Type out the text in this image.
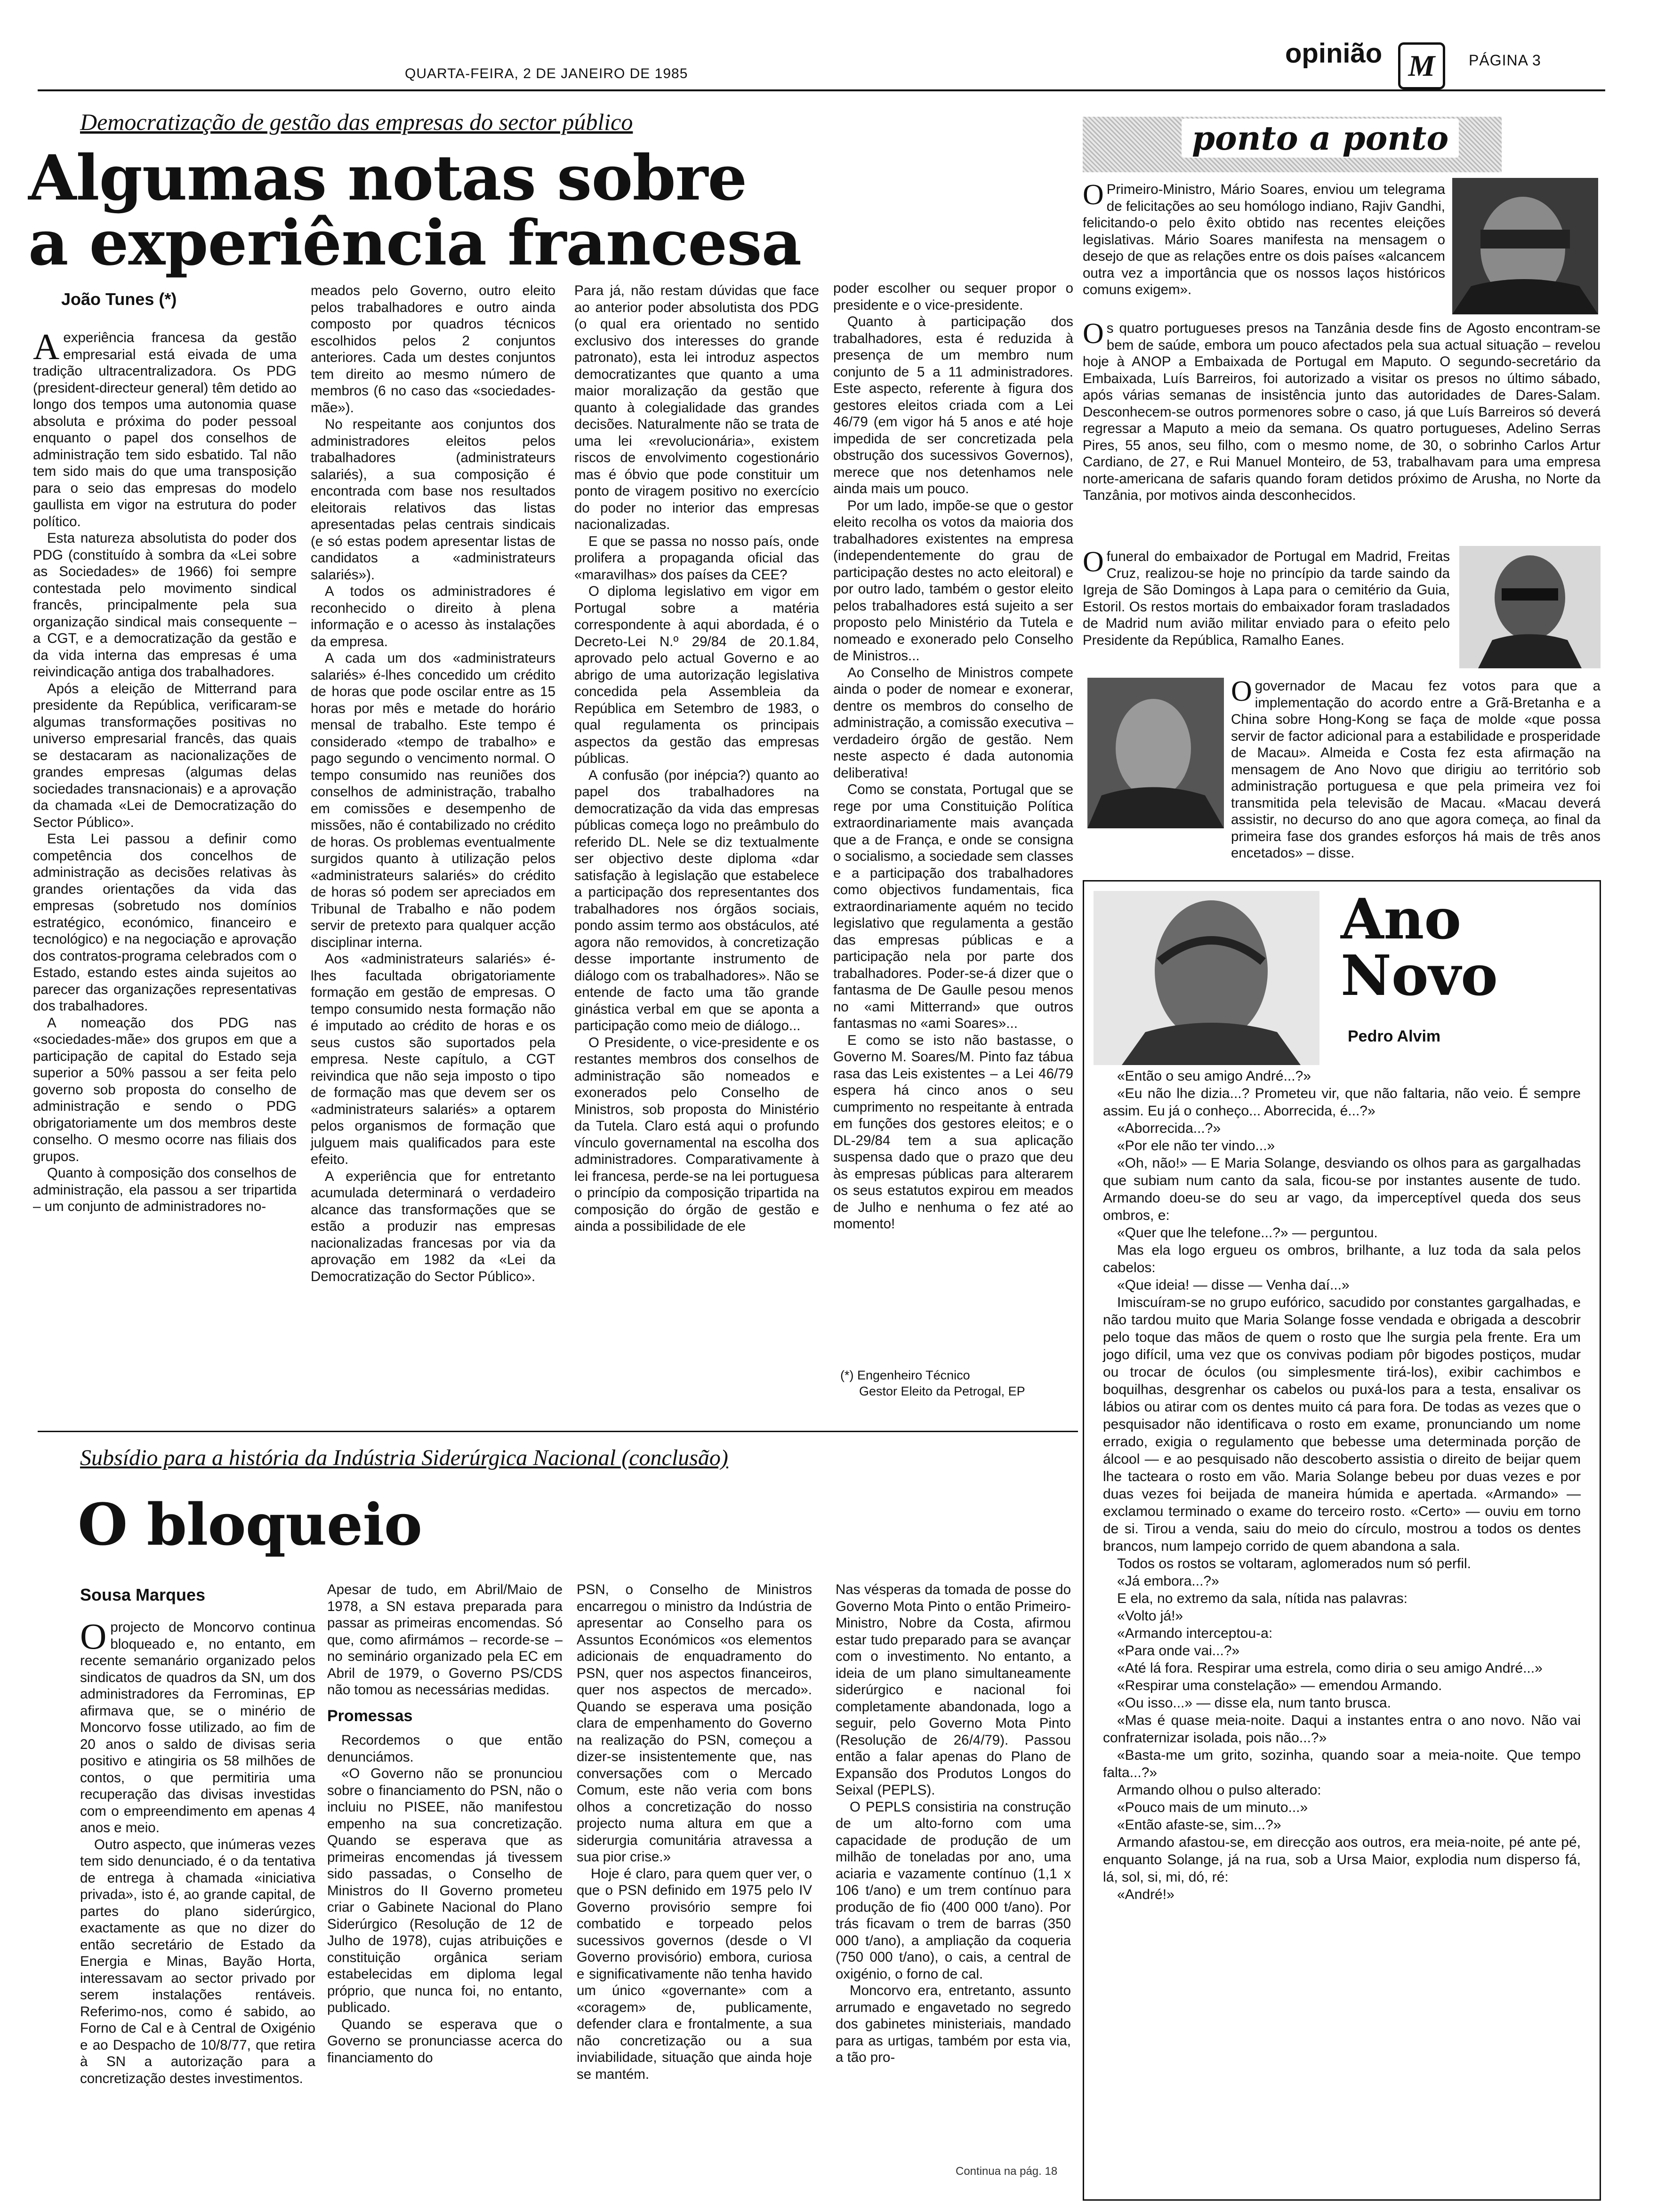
QUARTA-FEIRA, 2 DE JANEIRO DE 1985
opinião M PÁGINA 3
Democratização de gestão das empresas do sector público
Algumas notas sobre
a experiência francesa
João Tunes (*)

A experiência francesa da gestão empresarial está eivada de uma tradição ultracentralizadora. Os PDG (president-directeur general) têm detido ao longo dos tempos uma autonomia quase absoluta e próxima do poder pessoal enquanto o papel dos conselhos de administração tem sido esbatido. Tal não tem sido mais do que uma transposição para o seio das empresas do modelo gaullista em vigor na estrutura do poder político.

Esta natureza absolutista do poder dos PDG (constituído à sombra da «Lei sobre as Sociedades» de 1966) foi sempre contestada pelo movimento sindical francês, principalmente pela sua organização sindical mais consequente – a CGT, e a democratização da gestão e da vida interna das empresas é uma reivindicação antiga dos trabalhadores.

Após a eleição de Mitterrand para presidente da República, verificaram-se algumas transformações positivas no universo empresarial francês, das quais se destacaram as nacionalizações de grandes empresas (algumas delas sociedades transnacionais) e a aprovação da chamada «Lei de Democratização do Sector Público».

Esta Lei passou a definir como competência dos concelhos de administração as decisões relativas às grandes orientações da vida das empresas (sobretudo nos domínios estratégico, económico, financeiro e tecnológico) e na negociação e aprovação dos contratos-programa celebrados com o Estado, estando estes ainda sujeitos ao parecer das organizações representativas dos trabalhadores.

A nomeação dos PDG nas «sociedades-mãe» dos grupos em que a participação de capital do Estado seja superior a 50% passou a ser feita pelo governo sob proposta do conselho de administração e sendo o PDG obrigatoriamente um dos membros deste conselho. O mesmo ocorre nas filiais dos grupos.

Quanto à composição dos conselhos de administração, ela passou a ser tripartida – um conjunto de administradores no-

meados pelo Governo, outro eleito pelos trabalhadores e outro ainda composto por quadros técnicos escolhidos pelos 2 conjuntos anteriores. Cada um destes conjuntos tem direito ao mesmo número de membros (6 no caso das «sociedades-mãe»).

No respeitante aos conjuntos dos administradores eleitos pelos trabalhadores (administrateurs salariés), a sua composição é encontrada com base nos resultados eleitorais relativos das listas apresentadas pelas centrais sindicais (e só estas podem apresentar listas de candidatos a «administrateurs salariés»).

A todos os administradores é reconhecido o direito à plena informação e o acesso às instalações da empresa.

A cada um dos «administrateurs salariés» é-lhes concedido um crédito de horas que pode oscilar entre as 15 horas por mês e metade do horário mensal de trabalho. Este tempo é considerado «tempo de trabalho» e pago segundo o vencimento normal. O tempo consumido nas reuniões dos conselhos de administração, trabalho em comissões e desempenho de missões, não é contabilizado no crédito de horas. Os problemas eventualmente surgidos quanto à utilização pelos «administrateurs salariés» do crédito de horas só podem ser apreciados em Tribunal de Trabalho e não podem servir de pretexto para qualquer acção disciplinar interna.

Aos «administrateurs salariés» é-lhes facultada obrigatoriamente formação em gestão de empresas. O tempo consumido nesta formação não é imputado ao crédito de horas e os seus custos são suportados pela empresa. Neste capítulo, a CGT reivindica que não seja imposto o tipo de formação mas que devem ser os «administrateurs salariés» a optarem pelos organismos de formação que julguem mais qualificados para este efeito.

A experiência que for entretanto acumulada determinará o verdadeiro alcance das transformações que se estão a produzir nas empresas nacionalizadas francesas por via da aprovação em 1982 da «Lei da Democratização do Sector Público».

Para já, não restam dúvidas que face ao anterior poder absolutista dos PDG (o qual era orientado no sentido exclusivo dos interesses do grande patronato), esta lei introduz aspectos democratizantes que quanto a uma maior moralização da gestão que quanto à colegialidade das grandes decisões. Naturalmente não se trata de uma lei «revolucionária», existem riscos de envolvimento cogestionário mas é óbvio que pode constituir um ponto de viragem positivo no exercício do poder no interior das empresas nacionalizadas.

E que se passa no nosso país, onde prolifera a propaganda oficial das «maravilhas» dos países da CEE?

O diploma legislativo em vigor em Portugal sobre a matéria correspondente à aqui abordada, é o Decreto-Lei N.º 29/84 de 20.1.84, aprovado pelo actual Governo e ao abrigo de uma autorização legislativa concedida pela Assembleia da República em Setembro de 1983, o qual regulamenta os principais aspectos da gestão das empresas públicas.

A confusão (por inépcia?) quanto ao papel dos trabalhadores na democratização da vida das empresas públicas começa logo no preâmbulo do referido DL. Nele se diz textualmente ser objectivo deste diploma «dar satisfação à legislação que estabelece a participação dos representantes dos trabalhadores nos órgãos sociais, pondo assim termo aos obstáculos, até agora não removidos, à concretização desse importante instrumento de diálogo com os trabalhadores». Não se entende de facto uma tão grande ginástica verbal em que se aponta a participação como meio de diálogo...

O Presidente, o vice-presidente e os restantes membros dos conselhos de administração são nomeados e exonerados pelo Conselho de Ministros, sob proposta do Ministério da Tutela. Claro está aqui o profundo vínculo governamental na escolha dos administradores. Comparativamente à lei francesa, perde-se na lei portuguesa o princípio da composição tripartida na composição do órgão de gestão e ainda a possibilidade de ele

poder escolher ou sequer propor o presidente e o vice-presidente.

Quanto à participação dos trabalhadores, esta é reduzida à presença de um membro num conjunto de 5 a 11 administradores. Este aspecto, referente à figura dos gestores eleitos criada com a Lei 46/79 (em vigor há 5 anos e até hoje impedida de ser concretizada pela obstrução dos sucessivos Governos), merece que nos detenhamos nele ainda mais um pouco.

Por um lado, impõe-se que o gestor eleito recolha os votos da maioria dos trabalhadores existentes na empresa (independentemente do grau de participação destes no acto eleitoral) e por outro lado, também o gestor eleito pelos trabalhadores está sujeito a ser proposto pelo Ministério da Tutela e nomeado e exonerado pelo Conselho de Ministros...

Ao Conselho de Ministros compete ainda o poder de nomear e exonerar, dentre os membros do conselho de administração, a comissão executiva – verdadeiro órgão de gestão. Nem neste aspecto é dada autonomia deliberativa!

Como se constata, Portugal que se rege por uma Constituição Política extraordinariamente mais avançada que a de França, e onde se consigna o socialismo, a sociedade sem classes e a participação dos trabalhadores como objectivos fundamentais, fica extraordinariamente aquém no tecido legislativo que regulamenta a gestão das empresas públicas e a participação nela por parte dos trabalhadores. Poder-se-á dizer que o fantasma de De Gaulle pesou menos no «ami Mitterrand» que outros fantasmas no «ami Soares»...

E como se isto não bastasse, o Governo M. Soares/M. Pinto faz tábua rasa das Leis existentes – a Lei 46/79 espera há cinco anos o seu cumprimento no respeitante à entrada em funções dos gestores eleitos; e o DL-29/84 tem a sua aplicação suspensa dado que o prazo que deu às empresas públicas para alterarem os seus estatutos expirou em meados de Julho e nenhuma o fez até ao momento!

(*) Engenheiro Técnico
Gestor Eleito da Petrogal, EP
Subsídio para a história da Indústria Siderúrgica Nacional (conclusão)
O bloqueio
Sousa Marques

O projecto de Moncorvo continua bloqueado e, no entanto, em recente semanário organizado pelos sindicatos de quadros da SN, um dos administradores da Ferrominas, EP afirmava que, se o minério de Moncorvo fosse utilizado, ao fim de 20 anos o saldo de divisas seria positivo e atingiria os 58 milhões de contos, o que permitiria uma recuperação das divisas investidas com o empreendimento em apenas 4 anos e meio.

Outro aspecto, que inúmeras vezes tem sido denunciado, é o da tentativa de entrega à chamada «iniciativa privada», isto é, ao grande capital, de partes do plano siderúrgico, exactamente as que no dizer do então secretário de Estado da Energia e Minas, Bayão Horta, interessavam ao sector privado por serem instalações rentáveis. Referimo-nos, como é sabido, ao Forno de Cal e à Central de Oxigénio e ao Despacho de 10/8/77, que retira à SN a autorização para a concretização destes investimentos.

Apesar de tudo, em Abril/Maio de 1978, a SN estava preparada para passar as primeiras encomendas. Só que, como afirmámos – recorde-se – no seminário organizado pela EC em Abril de 1979, o Governo PS/CDS não tomou as necessárias medidas.

Promessas

Recordemos o que então denunciámos.

«O Governo não se pronunciou sobre o financiamento do PSN, não o incluiu no PISEE, não manifestou empenho na sua concretização. Quando se esperava que as primeiras encomendas já tivessem sido passadas, o Conselho de Ministros do II Governo prometeu criar o Gabinete Nacional do Plano Siderúrgico (Resolução de 12 de Julho de 1978), cujas atribuições e constituição orgânica seriam estabelecidas em diploma legal próprio, que nunca foi, no entanto, publicado.

Quando se esperava que o Governo se pronunciasse acerca do financiamento do

PSN, o Conselho de Ministros encarregou o ministro da Indústria de apresentar ao Conselho para os Assuntos Económicos «os elementos adicionais de enquadramento do PSN, quer nos aspectos financeiros, quer nos aspectos de mercado». Quando se esperava uma posição clara de empenhamento do Governo na realização do PSN, começou a dizer-se insistentemente que, nas conversações com o Mercado Comum, este não veria com bons olhos a concretização do nosso projecto numa altura em que a siderurgia comunitária atravessa a sua pior crise.»

Hoje é claro, para quem quer ver, o que o PSN definido em 1975 pelo IV Governo provisório sempre foi combatido e torpeado pelos sucessivos governos (desde o VI Governo provisório) embora, curiosa e significativamente não tenha havido um único «governante» com a «coragem» de, publicamente, defender clara e frontalmente, a sua não concretização ou a sua inviabilidade, situação que ainda hoje se mantém.

Nas vésperas da tomada de posse do Governo Mota Pinto o então Primeiro-Ministro, Nobre da Costa, afirmou estar tudo preparado para se avançar com o investimento. No entanto, a ideia de um plano simultaneamente siderúrgico e nacional foi completamente abandonada, logo a seguir, pelo Governo Mota Pinto (Resolução de 26/4/79). Passou então a falar apenas do Plano de Expansão dos Produtos Longos do Seixal (PEPLS).

O PEPLS consistiria na construção de um alto-forno com uma capacidade de produção de um milhão de toneladas por ano, uma aciaria e vazamente contínuo (1,1 x 106 t/ano) e um trem contínuo para produção de fio (400 000 t/ano). Por trás ficavam o trem de barras (350 000 t/ano), a ampliação da coqueria (750 000 t/ano), o cais, a central de oxigénio, o forno de cal.

Moncorvo era, entretanto, assunto arrumado e engavetado no segredo dos gabinetes ministeriais, mandado para as urtigas, também por esta via, a tão pro-

Continua na pág. 18
ponto a ponto
O Primeiro-Ministro, Mário Soares, enviou um telegrama de felicitações ao seu homólogo indiano, Rajiv Gandhi, felicitando-o pelo êxito obtido nas recentes eleições legislativas. Mário Soares manifesta na mensagem o desejo de que as relações entre os dois países «alcancem outra vez a importância que os nossos laços históricos comuns exigem».
Os quatro portugueses presos na Tanzânia desde fins de Agosto encontram-se bem de saúde, embora um pouco afectados pela sua actual situação – revelou hoje à ANOP a Embaixada de Portugal em Maputo. O segundo-secretário da Embaixada, Luís Barreiros, foi autorizado a visitar os presos no último sábado, após várias semanas de insistência junto das autoridades de Dares-Salam. Desconhecem-se outros pormenores sobre o caso, já que Luís Barreiros só deverá regressar a Maputo a meio da semana. Os quatro portugueses, Adelino Serras Pires, 55 anos, seu filho, com o mesmo nome, de 30, o sobrinho Carlos Artur Cardiano, de 27, e Rui Manuel Monteiro, de 53, trabalhavam para uma empresa norte-americana de safaris quando foram detidos próximo de Arusha, no Norte da Tanzânia, por motivos ainda desconhecidos.
O funeral do embaixador de Portugal em Madrid, Freitas Cruz, realizou-se hoje no princípio da tarde saindo da Igreja de São Domingos à Lapa para o cemitério da Guia, Estoril. Os restos mortais do embaixador foram trasladados de Madrid num avião militar enviado para o efeito pelo Presidente da República, Ramalho Eanes.
O governador de Macau fez votos para que a implementação do acordo entre a Grã-Bretanha e a China sobre Hong-Kong se faça de molde «que possa servir de factor adicional para a estabilidade e prosperidade de Macau». Almeida e Costa fez esta afirmação na mensagem de Ano Novo que dirigiu ao território sob administração portuguesa e que pela primeira vez foi transmitida pela televisão de Macau. «Macau deverá assistir, no decurso do ano que agora começa, ao final da primeira fase dos grandes esforços há mais de três anos encetados» – disse.
Ano
Novo
Pedro Alvim

«Então o seu amigo André...?»

«Eu não lhe dizia...? Prometeu vir, que não faltaria, não veio. É sempre assim. Eu já o conheço... Aborrecida, é...?»

«Aborrecida...?»

«Por ele não ter vindo...»

«Oh, não!» — E Maria Solange, desviando os olhos para as gargalhadas que subiam num canto da sala, ficou-se por instantes ausente de tudo. Armando doeu-se do seu ar vago, da imperceptível queda dos seus ombros, e:

«Quer que lhe telefone...?» — perguntou.

Mas ela logo ergueu os ombros, brilhante, a luz toda da sala pelos cabelos:

«Que ideia! — disse — Venha daí...»

Imiscuíram-se no grupo eufórico, sacudido por constantes gargalhadas, e não tardou muito que Maria Solange fosse vendada e obrigada a descobrir pelo toque das mãos de quem o rosto que lhe surgia pela frente. Era um jogo difícil, uma vez que os convivas podiam pôr bigodes postiços, mudar ou trocar de óculos (ou simplesmente tirá-los), exibir cachimbos e boquilhas, desgrenhar os cabelos ou puxá-los para a testa, ensalivar os lábios ou atirar com os dentes muito cá para fora. De todas as vezes que o pesquisador não identificava o rosto em exame, pronunciando um nome errado, exigia o regulamento que bebesse uma determinada porção de álcool — e ao pesquisado não descoberto assistia o direito de beijar quem lhe tacteara o rosto em vão. Maria Solange bebeu por duas vezes e por duas vezes foi beijada de maneira húmida e apertada. «Armando» — exclamou terminado o exame do terceiro rosto. «Certo» — ouviu em torno de si. Tirou a venda, saiu do meio do círculo, mostrou a todos os dentes brancos, num lampejo corrido de quem abandona a sala.

Todos os rostos se voltaram, aglomerados num só perfil.

«Já embora...?»

E ela, no extremo da sala, nítida nas palavras:

«Volto já!»

«Armando interceptou-a:

«Para onde vai...?»

«Até lá fora. Respirar uma estrela, como diria o seu amigo André...»

«Respirar uma constelação» — emendou Armando.

«Ou isso...» — disse ela, num tanto brusca.

«Mas é quase meia-noite. Daqui a instantes entra o ano novo. Não vai confraternizar isolada, pois não...?»

«Basta-me um grito, sozinha, quando soar a meia-noite. Que tempo falta...?»

Armando olhou o pulso alterado:

«Pouco mais de um minuto...»

«Então afaste-se, sim...?»

Armando afastou-se, em direcção aos outros, era meia-noite, pé ante pé, enquanto Solange, já na rua, sob a Ursa Maior, explodia num disperso fá, lá, sol, si, mi, dó, ré:

«André!»
